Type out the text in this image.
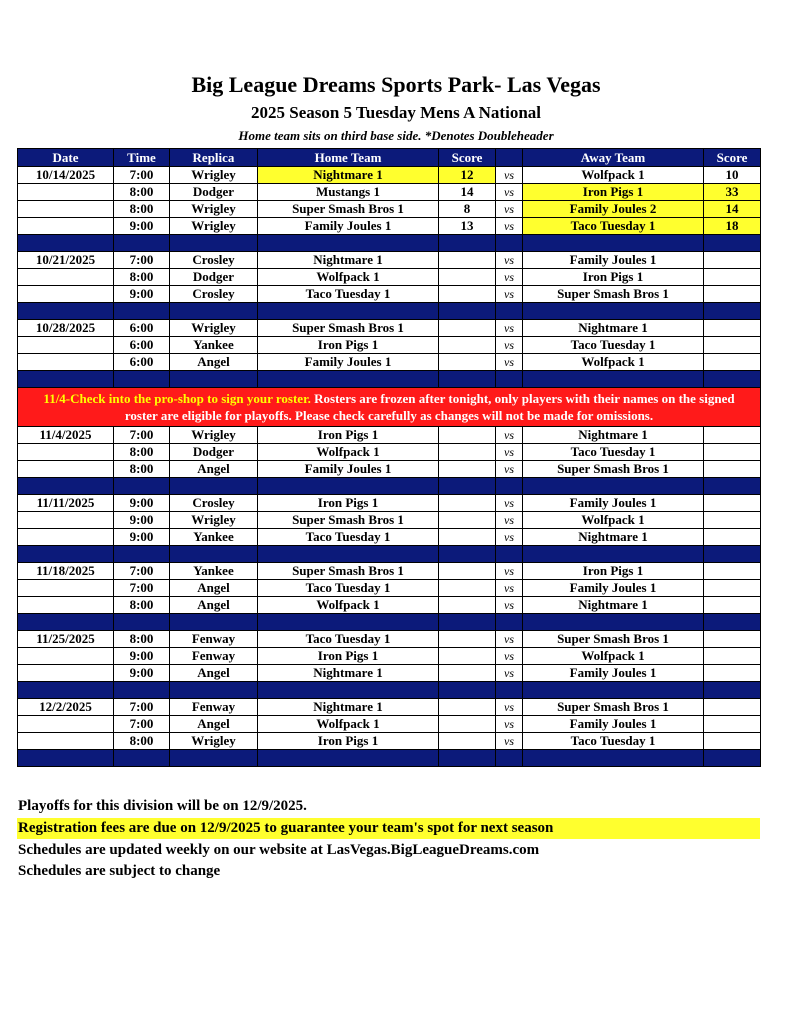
Big League Dreams Sports Park- Las Vegas
2025 Season 5 Tuesday Mens A National
Home team sits on third base side. *Denotes Doubleheader
Date	Time	Replica	Home Team	Score		Away Team	Score
10/14/2025	7:00	Wrigley	Nightmare 1	12	vs	Wolfpack 1	10
	8:00	Dodger	Mustangs 1	14	vs	Iron Pigs 1	33
	8:00	Wrigley	Super Smash Bros 1	8	vs	Family Joules 2	14
	9:00	Wrigley	Family Joules 1	13	vs	Taco Tuesday 1	18

10/21/2025	7:00	Crosley	Nightmare 1		vs	Family Joules 1	
	8:00	Dodger	Wolfpack 1		vs	Iron Pigs 1	
	9:00	Crosley	Taco Tuesday 1		vs	Super Smash Bros 1	

10/28/2025	6:00	Wrigley	Super Smash Bros 1		vs	Nightmare 1	
	6:00	Yankee	Iron Pigs 1		vs	Taco Tuesday 1	
	6:00	Angel	Family Joules 1		vs	Wolfpack 1	

11/4-Check into the pro-shop to sign your roster. Rosters are frozen after tonight, only players with their names on the signed roster are eligible for playoffs. Please check carefully as changes will not be made for omissions.							
11/4/2025	7:00	Wrigley	Iron Pigs 1		vs	Nightmare 1	
	8:00	Dodger	Wolfpack 1		vs	Taco Tuesday 1	
	8:00	Angel	Family Joules 1		vs	Super Smash Bros 1	

11/11/2025	9:00	Crosley	Iron Pigs 1		vs	Family Joules 1	
	9:00	Wrigley	Super Smash Bros 1		vs	Wolfpack 1	
	9:00	Yankee	Taco Tuesday 1		vs	Nightmare 1	

11/18/2025	7:00	Yankee	Super Smash Bros 1		vs	Iron Pigs 1	
	7:00	Angel	Taco Tuesday 1		vs	Family Joules 1	
	8:00	Angel	Wolfpack 1		vs	Nightmare 1	

11/25/2025	8:00	Fenway	Taco Tuesday 1		vs	Super Smash Bros 1	
	9:00	Fenway	Iron Pigs 1		vs	Wolfpack 1	
	9:00	Angel	Nightmare 1		vs	Family Joules 1	

12/2/2025	7:00	Fenway	Nightmare 1		vs	Super Smash Bros 1	
	7:00	Angel	Wolfpack 1		vs	Family Joules 1	
	8:00	Wrigley	Iron Pigs 1		vs	Taco Tuesday 1	

Playoffs for this division will be on 12/9/2025.
Registration fees are due on 12/9/2025 to guarantee your team's spot for next season
Schedules are updated weekly on our website at LasVegas.BigLeagueDreams.com
Schedules are subject to change
